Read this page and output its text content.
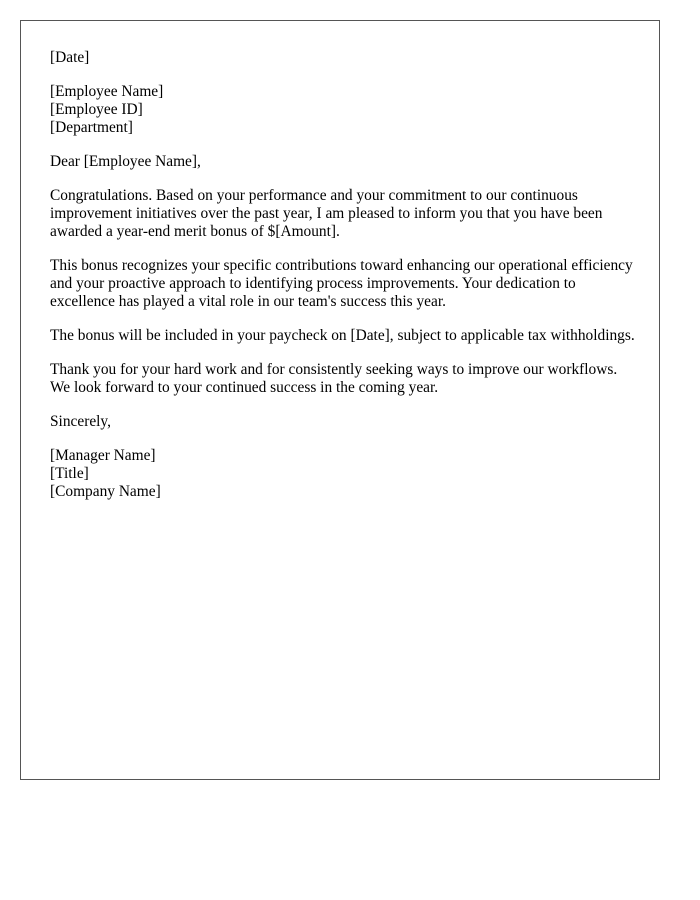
[Date]
[Employee Name]
[Employee ID]
[Department]
Dear [Employee Name],
Congratulations. Based on your performance and your commitment to our continuous improvement initiatives over the past year, I am pleased to inform you that you have been awarded a year-end merit bonus of $[Amount].
This bonus recognizes your specific contributions toward enhancing our operational efficiency and your proactive approach to identifying process improvements. Your dedication to excellence has played a vital role in our team's success this year.
The bonus will be included in your paycheck on [Date], subject to applicable tax withholdings.
Thank you for your hard work and for consistently seeking ways to improve our workflows. We look forward to your continued success in the coming year.
Sincerely,
[Manager Name]
[Title]
[Company Name]
